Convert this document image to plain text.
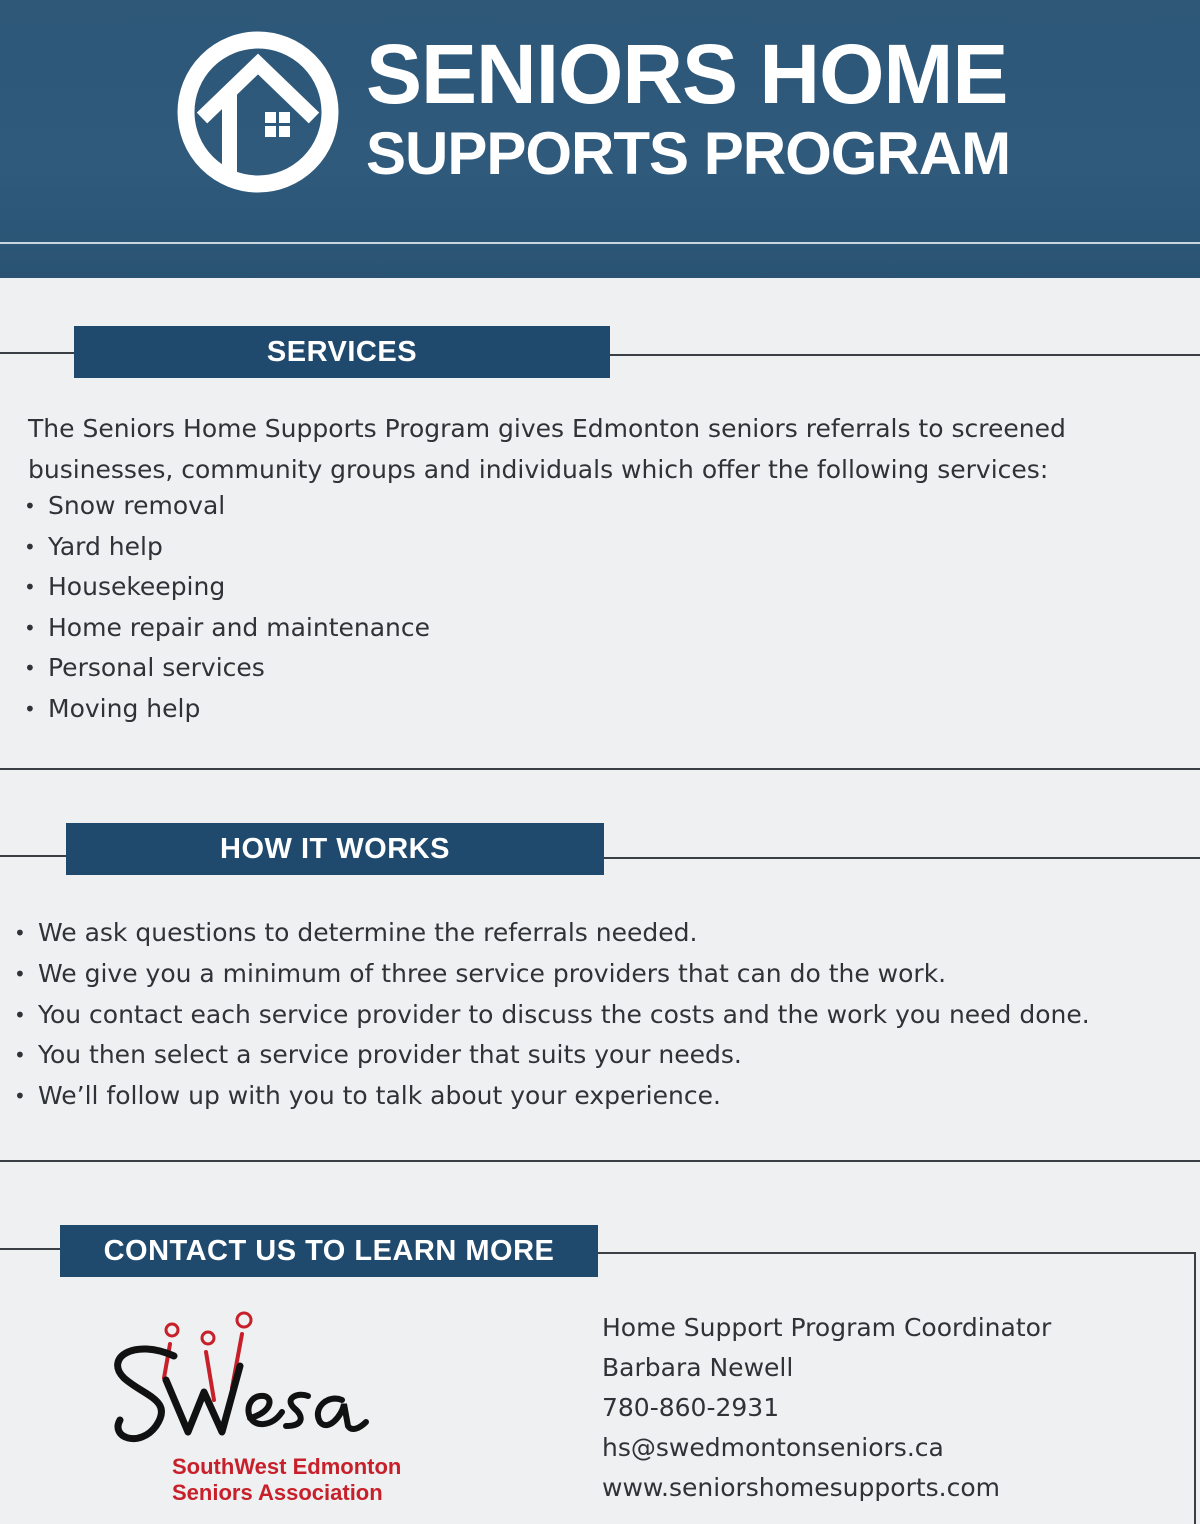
SENIORS HOME
SUPPORTS PROGRAM
SERVICES
The Seniors Home Supports Program gives Edmonton seniors referrals to screened businesses, community groups and individuals which offer the following services:
• Snow removal
• Yard help
• Housekeeping
• Home repair and maintenance
• Personal services
• Moving help
HOW IT WORKS
• We ask questions to determine the referrals needed.
• We give you a minimum of three service providers that can do the work.
• You contact each service provider to discuss the costs and the work you need done.
• You then select a service provider that suits your needs.
• We’ll follow up with you to talk about your experience.
CONTACT US TO LEARN MORE
SouthWest Edmonton
Seniors Association
Home Support Program Coordinator
Barbara Newell
780-860-2931
hs@swedmontonseniors.ca
www.seniorshomesupports.com
